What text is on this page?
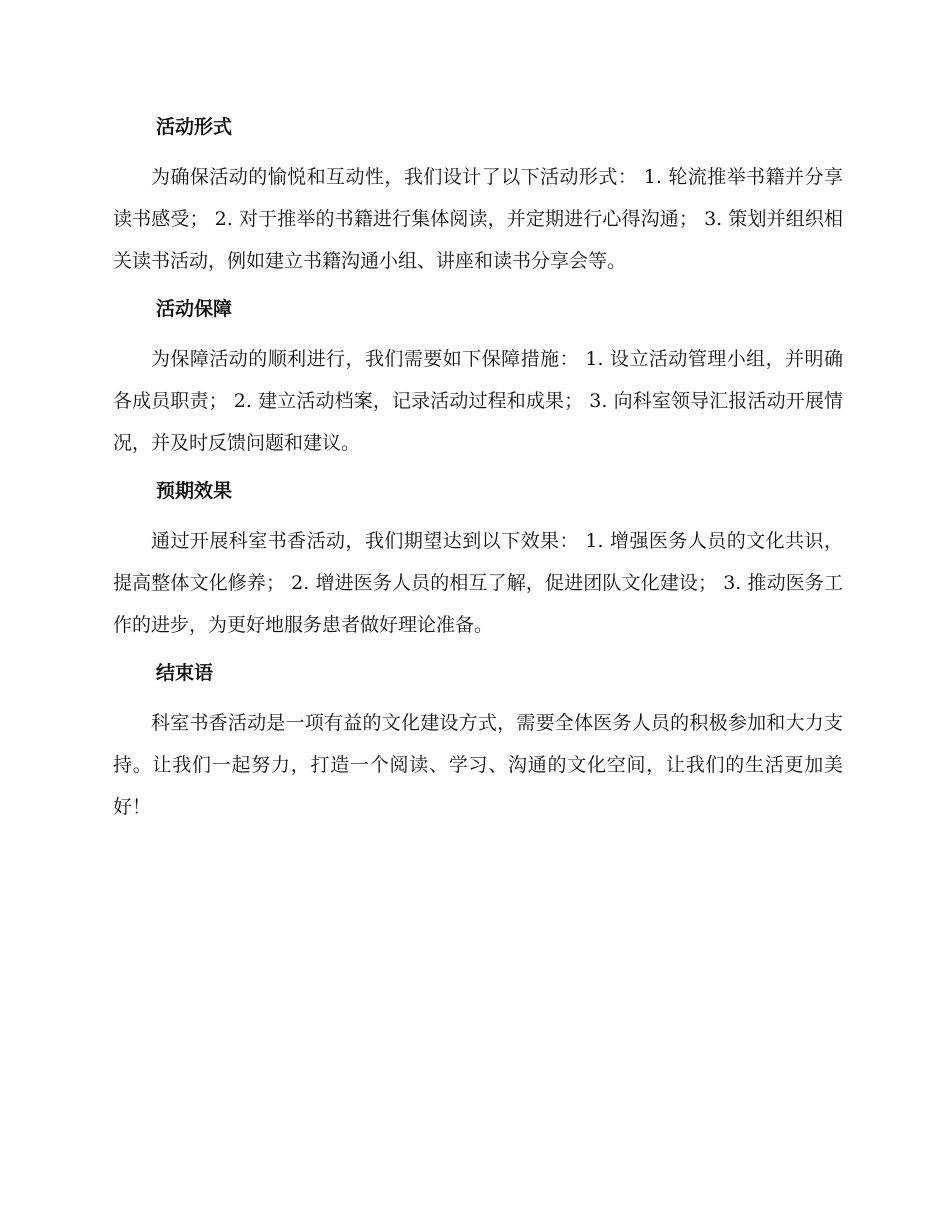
活动形式

为确保活动的愉悦和互动性，我们设计了以下活动形式： 1. 轮流推举书籍并分享读书感受； 2. 对于推举的书籍进行集体阅读，并定期进行心得沟通； 3. 策划并组织相关读书活动，例如建立书籍沟通小组、讲座和读书分享会等。

活动保障

为保障活动的顺利进行，我们需要如下保障措施： 1. 设立活动管理小组，并明确各成员职责； 2. 建立活动档案，记录活动过程和成果； 3. 向科室领导汇报活动开展情况，并及时反馈问题和建议。

预期效果

通过开展科室书香活动，我们期望达到以下效果： 1. 增强医务人员的文化共识，提高整体文化修养； 2. 增进医务人员的相互了解，促进团队文化建设； 3. 推动医务工作的进步，为更好地服务患者做好理论准备。

结束语

科室书香活动是一项有益的文化建设方式，需要全体医务人员的积极参加和大力支持。让我们一起努力，打造一个阅读、学习、沟通的文化空间，让我们的生活更加美好！
